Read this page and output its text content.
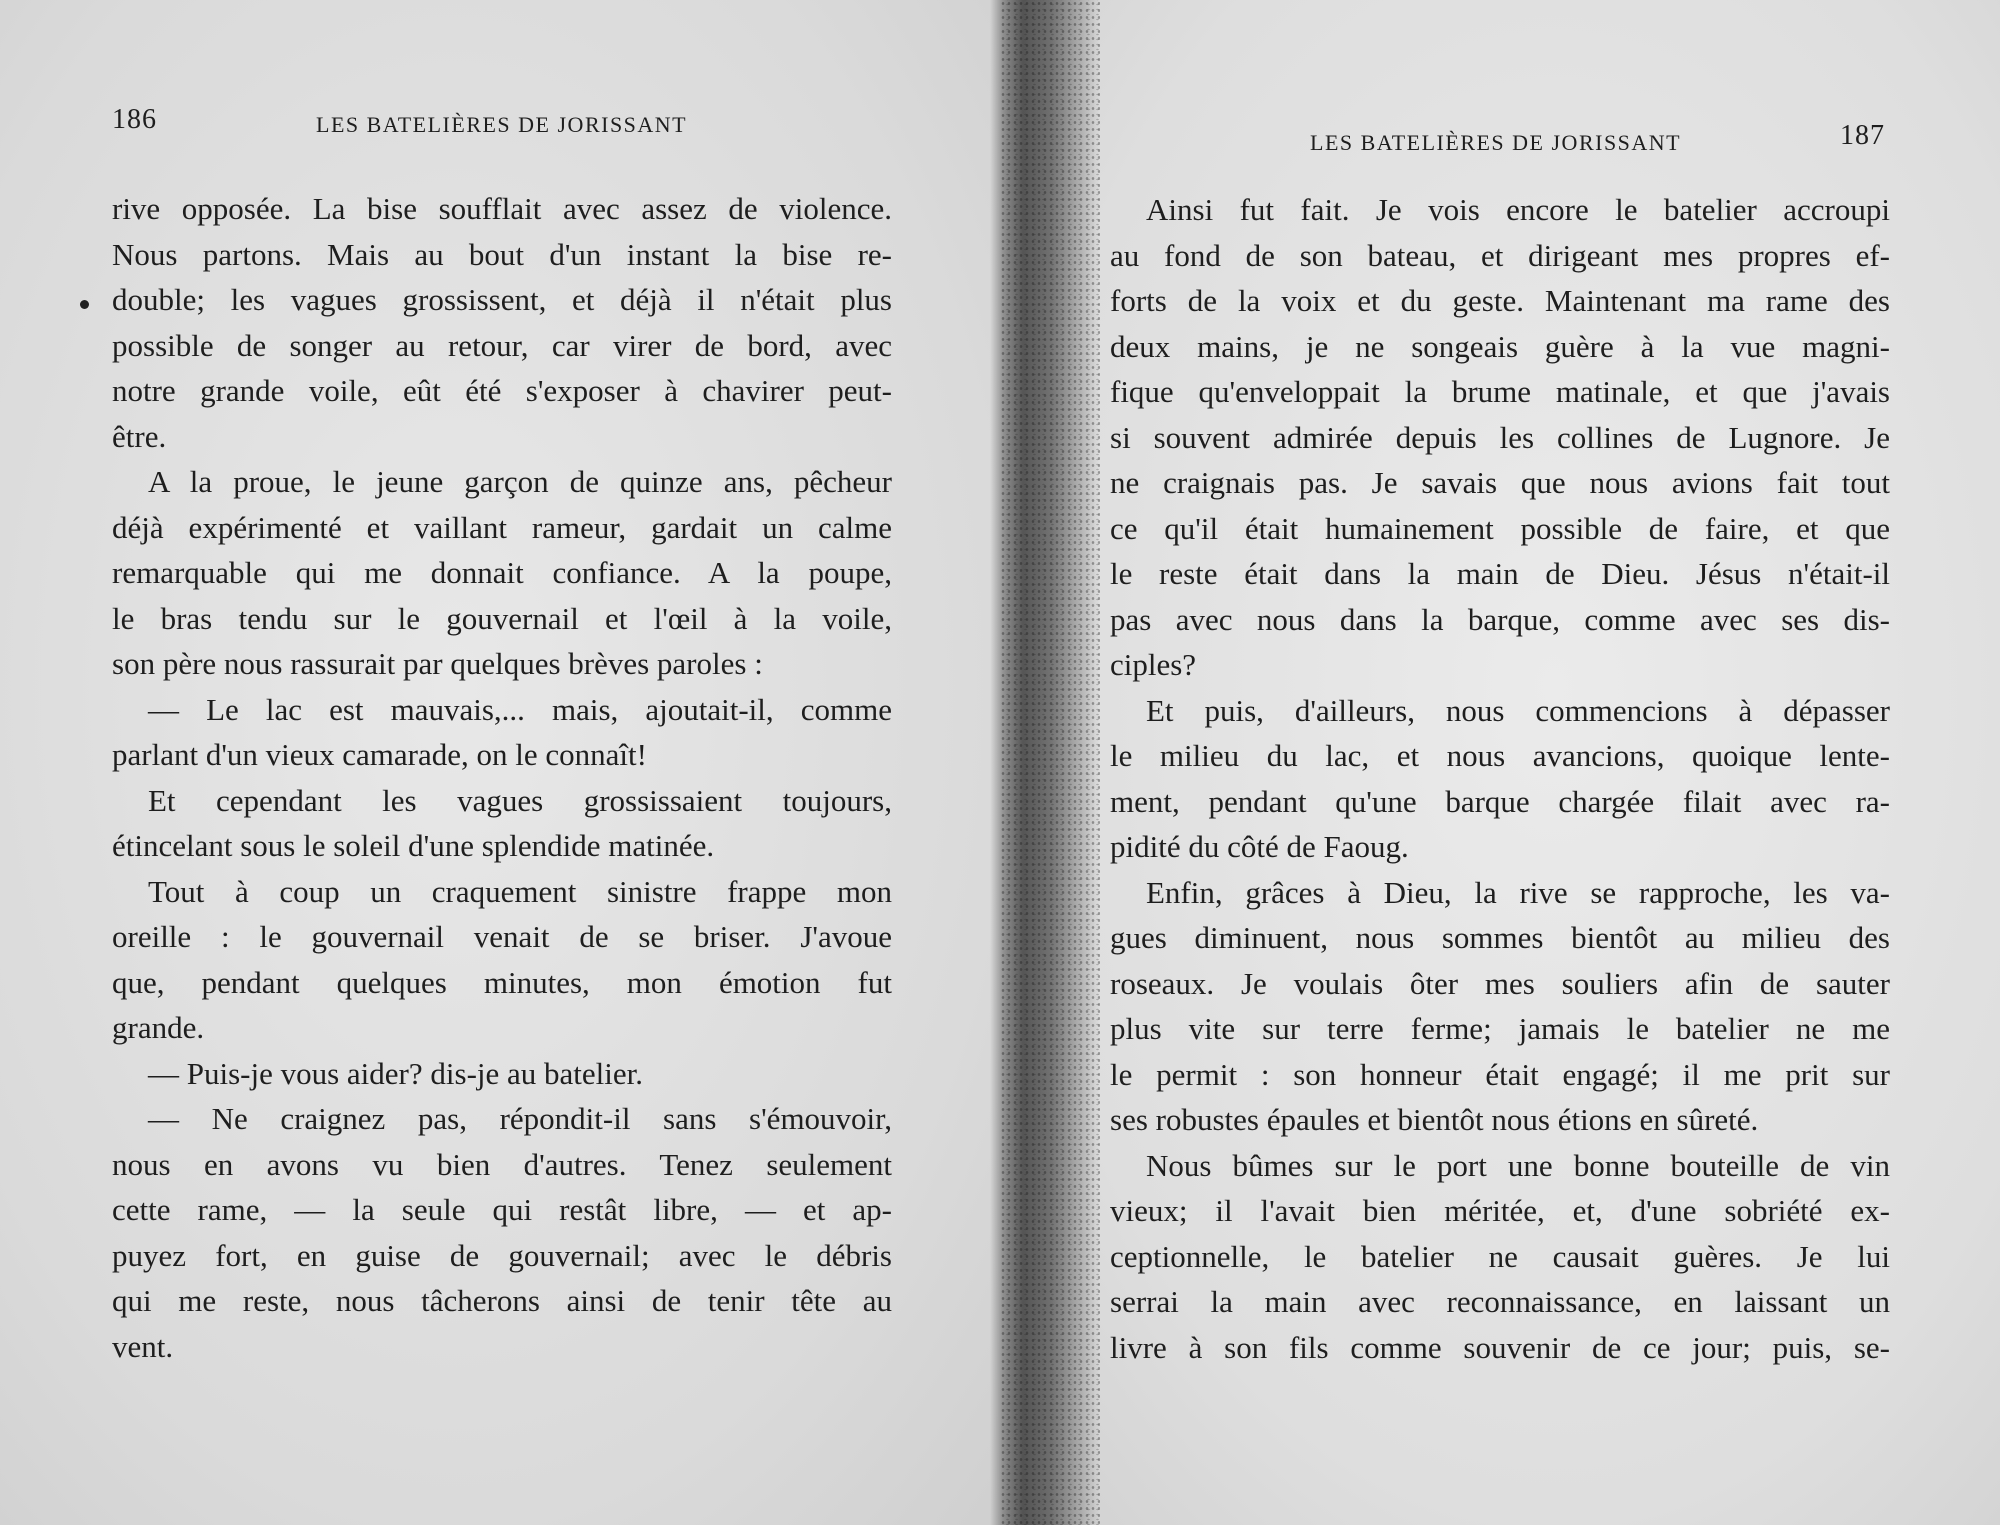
186	LES BATELIÈRES DE JORISSANT
rive opposée. La bise soufflait avec assez de violence.
Nous partons. Mais au bout d'un instant la bise re-
double; les vagues grossissent, et déjà il n'était plus
possible de songer au retour, car virer de bord, avec
notre grande voile, eût été s'exposer à chavirer peut-
être.
A la proue, le jeune garçon de quinze ans, pêcheur
déjà expérimenté et vaillant rameur, gardait un calme
remarquable qui me donnait confiance. A la poupe,
le bras tendu sur le gouvernail et l'œil à la voile,
son père nous rassurait par quelques brèves paroles :
— Le lac est mauvais,... mais, ajoutait-il, comme
parlant d'un vieux camarade, on le connaît!
Et cependant les vagues grossissaient toujours,
étincelant sous le soleil d'une splendide matinée.
Tout à coup un craquement sinistre frappe mon
oreille : le gouvernail venait de se briser. J'avoue
que, pendant quelques minutes, mon émotion fut
grande.
— Puis-je vous aider? dis-je au batelier.
— Ne craignez pas, répondit-il sans s'émouvoir,
nous en avons vu bien d'autres. Tenez seulement
cette rame, — la seule qui restât libre, — et ap-
puyez fort, en guise de gouvernail; avec le débris
qui me reste, nous tâcherons ainsi de tenir tête au
vent.
LES BATELIÈRES DE JORISSANT	187
Ainsi fut fait. Je vois encore le batelier accroupi
au fond de son bateau, et dirigeant mes propres ef-
forts de la voix et du geste. Maintenant ma rame des
deux mains, je ne songeais guère à la vue magni-
fique qu'enveloppait la brume matinale, et que j'avais
si souvent admirée depuis les collines de Lugnore. Je
ne craignais pas. Je savais que nous avions fait tout
ce qu'il était humainement possible de faire, et que
le reste était dans la main de Dieu. Jésus n'était-il
pas avec nous dans la barque, comme avec ses dis-
ciples?
Et puis, d'ailleurs, nous commencions à dépasser
le milieu du lac, et nous avancions, quoique lente-
ment, pendant qu'une barque chargée filait avec ra-
pidité du côté de Faoug.
Enfin, grâces à Dieu, la rive se rapproche, les va-
gues diminuent, nous sommes bientôt au milieu des
roseaux. Je voulais ôter mes souliers afin de sauter
plus vite sur terre ferme; jamais le batelier ne me
le permit : son honneur était engagé; il me prit sur
ses robustes épaules et bientôt nous étions en sûreté.
Nous bûmes sur le port une bonne bouteille de vin
vieux; il l'avait bien méritée, et, d'une sobriété ex-
ceptionnelle, le batelier ne causait guères. Je lui
serrai la main avec reconnaissance, en laissant un
livre à son fils comme souvenir de ce jour; puis, se-
